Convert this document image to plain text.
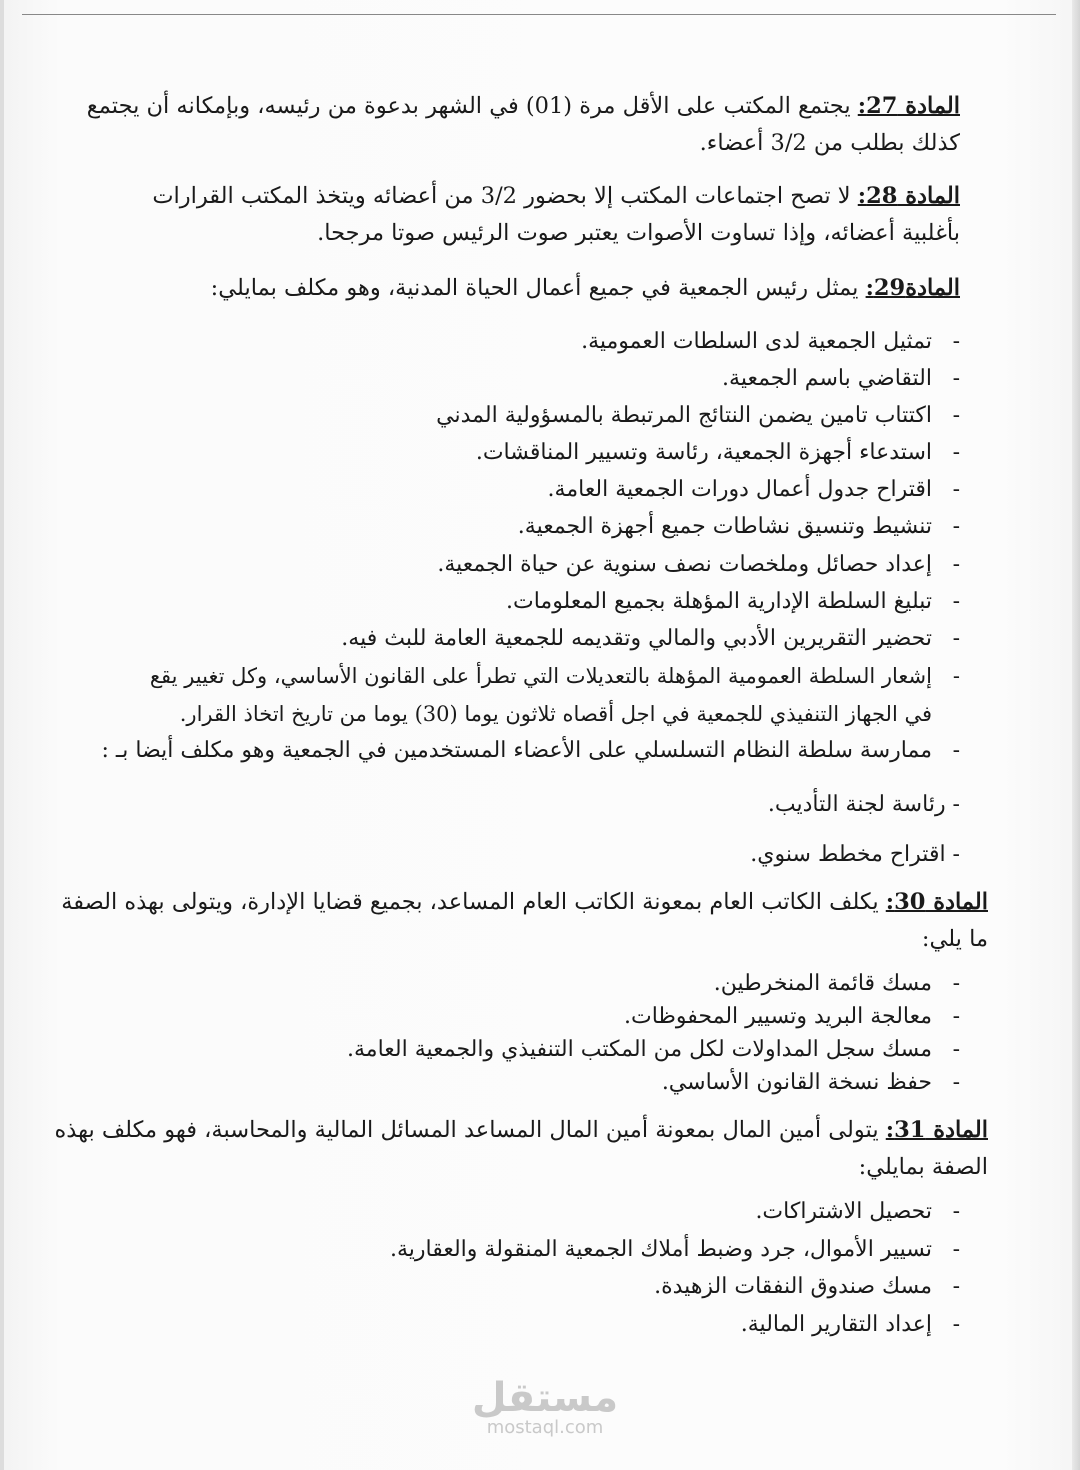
المادة 27: يجتمع المكتب على الأقل مرة (01) في الشهر بدعوة من رئيسه، وبإمكانه أن يجتمع
كذلك بطلب من 3/2 أعضاء.
المادة 28: لا تصح اجتماعات المكتب إلا بحضور 3/2 من أعضائه ويتخذ المكتب القرارات
بأغلبية أعضائه، وإذا تساوت الأصوات يعتبر صوت الرئيس صوتا مرجحا.
المادة29: يمثل رئيس الجمعية في جميع أعمال الحياة المدنية، وهو مكلف بمايلي:
-تمثيل الجمعية لدى السلطات العمومية.
-التقاضي باسم الجمعية.
-اكتتاب تامين يضمن النتائج المرتبطة بالمسؤولية المدني
-استدعاء أجهزة الجمعية، رئاسة وتسيير المناقشات.
-اقتراح جدول أعمال دورات الجمعية العامة.
-تنشيط وتنسيق نشاطات جميع أجهزة الجمعية.
-إعداد حصائل وملخصات نصف سنوية عن حياة الجمعية.
-تبليغ السلطة الإدارية المؤهلة بجميع المعلومات.
-تحضير التقريرين الأدبي والمالي وتقديمه للجمعية العامة للبث فيه.
-إشعار السلطة العمومية المؤهلة بالتعديلات التي تطرأ على القانون الأساسي، وكل تغيير يقع
في الجهاز التنفيذي للجمعية في اجل أقصاه ثلاثون يوما (30) يوما من تاريخ اتخاذ القرار.
-ممارسة سلطة النظام التسلسلي على الأعضاء المستخدمين في الجمعية وهو مكلف أيضا بـ :
- رئاسة لجنة التأديب.
- اقتراح مخطط سنوي.
المادة 30: يكلف الكاتب العام بمعونة الكاتب العام المساعد، بجميع قضايا الإدارة، ويتولى بهذه الصفة
ما يلي:
-مسك قائمة المنخرطين.
-معالجة البريد وتسيير المحفوظات.
-مسك سجل المداولات لكل من المكتب التنفيذي والجمعية العامة.
-حفظ نسخة القانون الأساسي.
المادة 31: يتولى أمين المال بمعونة أمين المال المساعد المسائل المالية والمحاسبة، فهو مكلف بهذه
الصفة بمايلي:
-تحصيل الاشتراكات.
-تسيير الأموال، جرد وضبط أملاك الجمعية المنقولة والعقارية.
-مسك صندوق النفقات الزهيدة.
-إعداد التقارير المالية.
مستقل
mostaql.com
